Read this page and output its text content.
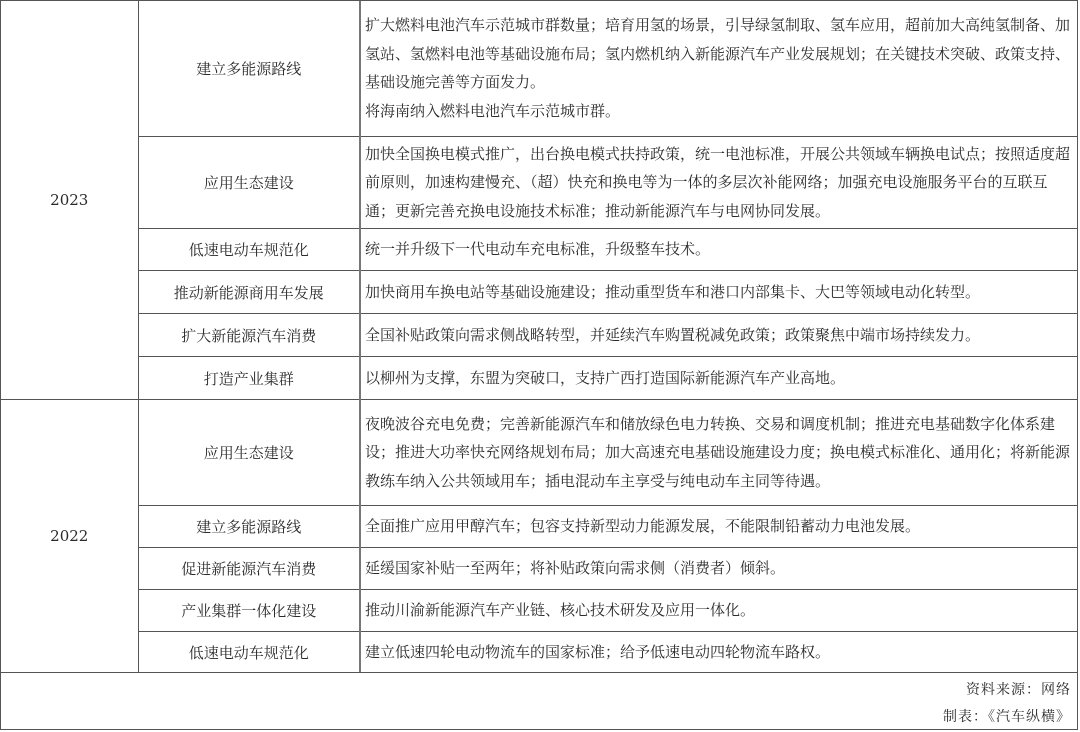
2023	建立多能源路线	扩大燃料电池汽车示范城市群数量；培育用氢的场景，引导绿氢制取、氢车应用，超前加大高纯氢制备、加氢站、氢燃料电池等基础设施布局；氢内燃机纳入新能源汽车产业发展规划；在关键技术突破、政策支持、基础设施完善等方面发力。

将海南纳入燃料电池汽车示范城市群。

	应用生态建设	加快全国换电模式推广，出台换电模式扶持政策，统一电池标准，开展公共领域车辆换电试点；按照适度超前原则，加速构建慢充、（超）快充和换电等为一体的多层次补能网络；加强充电设施服务平台的互联互通；更新完善充换电设施技术标准；推动新能源汽车与电网协同发展。

	低速电动车规范化	统一并升级下一代电动车充电标准，升级整车技术。

	推动新能源商用车发展	加快商用车换电站等基础设施建设；推动重型货车和港口内部集卡、大巴等领域电动化转型。

	扩大新能源汽车消费	全国补贴政策向需求侧战略转型，并延续汽车购置税减免政策；政策聚焦中端市场持续发力。

	打造产业集群	以柳州为支撑，东盟为突破口，支持广西打造国际新能源汽车产业高地。

2022	应用生态建设	夜晚波谷充电免费；完善新能源汽车和储放绿色电力转换、交易和调度机制；推进充电基础数字化体系建设；推进大功率快充网络规划布局；加大高速充电基础设施建设力度；换电模式标准化、通用化；将新能源教练车纳入公共领域用车；插电混动车主享受与纯电动车主同等待遇。

	建立多能源路线	全面推广应用甲醇汽车；包容支持新型动力能源发展，不能限制铅蓄动力电池发展。

	促进新能源汽车消费	延缓国家补贴一至两年；将补贴政策向需求侧（消费者）倾斜。

	产业集群一体化建设	推动川渝新能源汽车产业链、核心技术研发及应用一体化。

	低速电动车规范化	建立低速四轮电动物流车的国家标准；给予低速电动四轮物流车路权。

资料来源：网络
制表：《汽车纵横》
